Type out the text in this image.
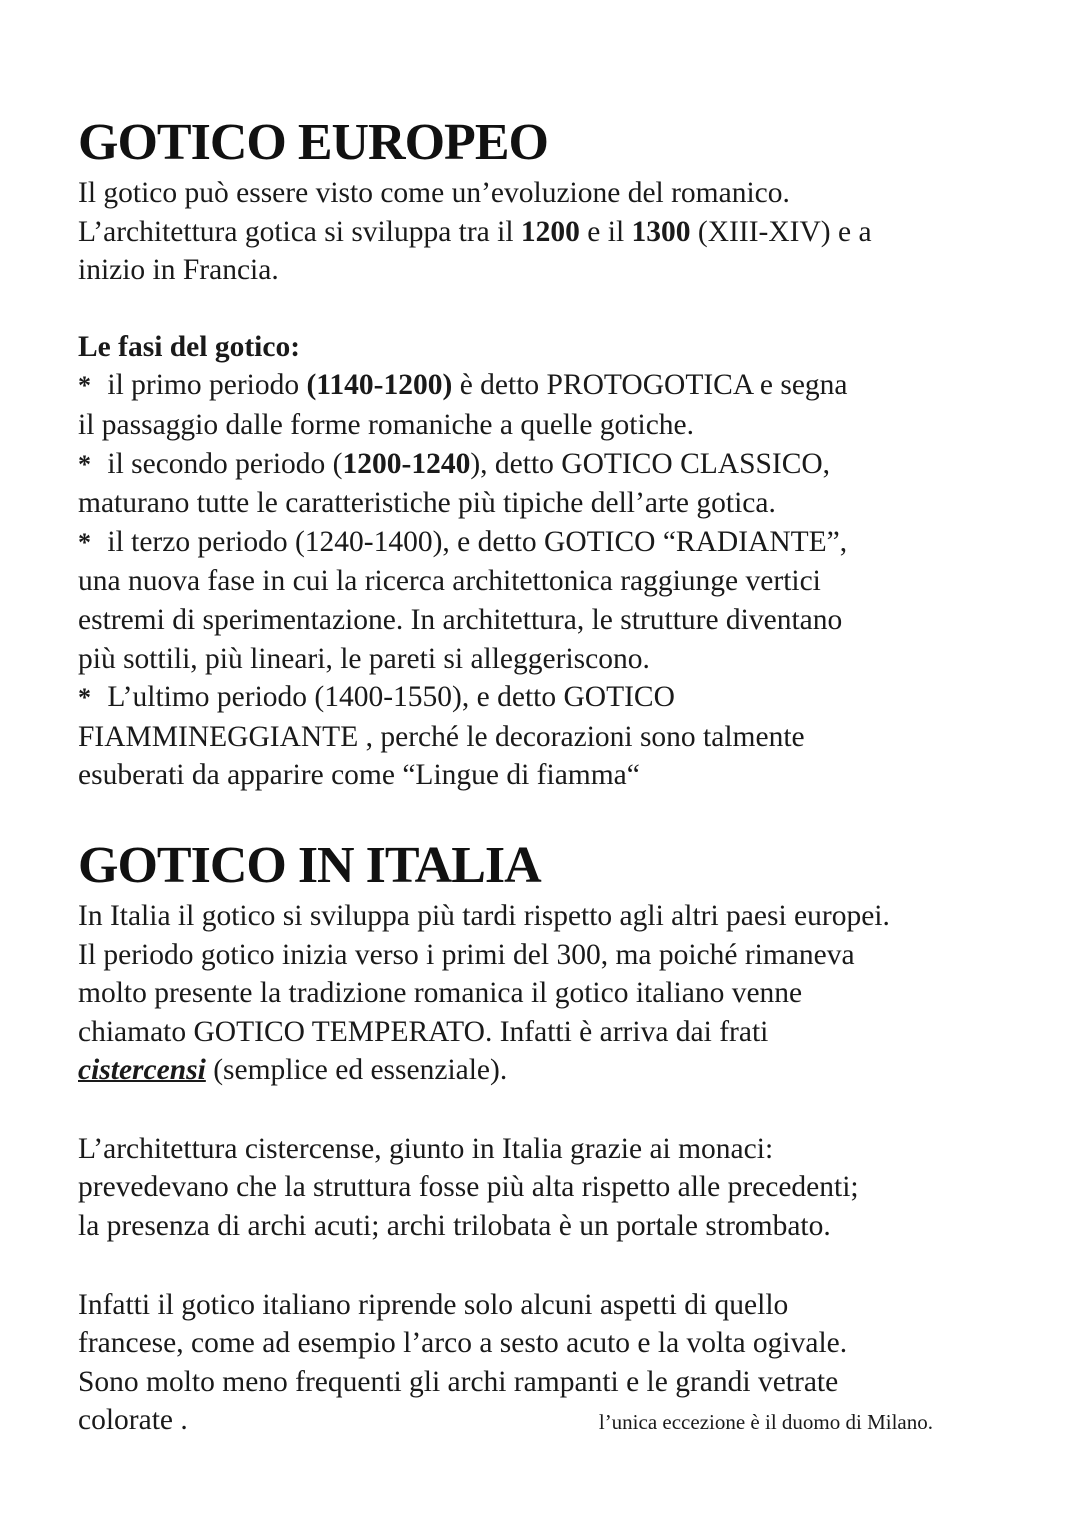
GOTICO EUROPEO

Il gotico può essere visto come un’evoluzione del romanico.

L’architettura gotica si sviluppa tra il 1200 e il 1300 (XIII-XIV) e a

inizio in Francia.

Le fasi del gotico:
* il primo periodo (1140-1200) è detto PROTOGOTICA e segna

il passaggio dalle forme romaniche a quelle gotiche.

* il secondo periodo (1200-1240), detto GOTICO CLASSICO,

maturano tutte le caratteristiche più tipiche dell’arte gotica.

* il terzo periodo (1240-1400), e detto GOTICO “RADIANTE”,

una nuova fase in cui la ricerca architettonica raggiunge vertici

estremi di sperimentazione. In architettura, le strutture diventano

più sottili, più lineari, le pareti si alleggeriscono.

* L’ultimo periodo (1400-1550), e detto GOTICO

FIAMMINEGGIANTE , perché le decorazioni sono talmente

esuberati da apparire come “Lingue di fiamma“

GOTICO IN ITALIA

In Italia il gotico si sviluppa più tardi rispetto agli altri paesi europei.

Il periodo gotico inizia verso i primi del 300, ma poiché rimaneva

molto presente la tradizione romanica il gotico italiano venne

chiamato GOTICO TEMPERATO. Infatti è arriva dai frati

cistercensi (semplice ed essenziale).

L’architettura cistercense, giunto in Italia grazie ai monaci:

prevedevano che la struttura fosse più alta rispetto alle precedenti;

la presenza di archi acuti; archi trilobata è un portale strombato.

Infatti il gotico italiano riprende solo alcuni aspetti di quello

francese, come ad esempio l’arco a sesto acuto e la volta ogivale.

Sono molto meno frequenti gli archi rampanti e le grandi vetrate

colorate .	l’unica eccezione è il duomo di Milano.
